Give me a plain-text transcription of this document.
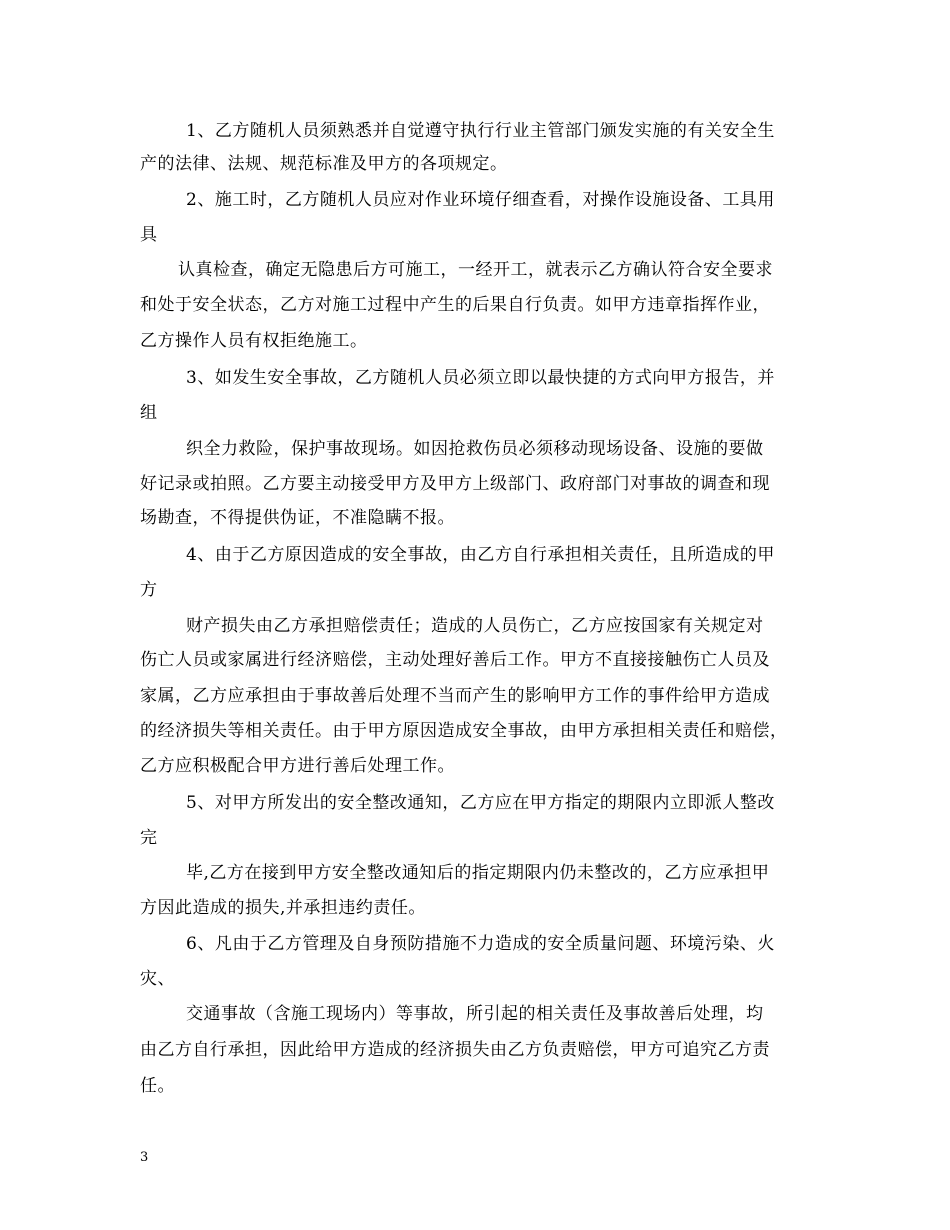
1、乙方随机人员须熟悉并自觉遵守执行行业主管部门颁发实施的有关安全生
产的法律、法规、规范标准及甲方的各项规定。
2、施工时，乙方随机人员应对作业环境仔细查看，对操作设施设备、工具用
具
认真检查，确定无隐患后方可施工，一经开工，就表示乙方确认符合安全要求
和处于安全状态，乙方对施工过程中产生的后果自行负责。如甲方违章指挥作业，
乙方操作人员有权拒绝施工。
3、如发生安全事故，乙方随机人员必须立即以最快捷的方式向甲方报告，并
组
织全力救险，保护事故现场。如因抢救伤员必须移动现场设备、设施的要做
好记录或拍照。乙方要主动接受甲方及甲方上级部门、政府部门对事故的调查和现
场勘查，不得提供伪证，不准隐瞒不报。
4、由于乙方原因造成的安全事故，由乙方自行承担相关责任，且所造成的甲
方
财产损失由乙方承担赔偿责任；造成的人员伤亡，乙方应按国家有关规定对
伤亡人员或家属进行经济赔偿，主动处理好善后工作。甲方不直接接触伤亡人员及
家属，乙方应承担由于事故善后处理不当而产生的影响甲方工作的事件给甲方造成
的经济损失等相关责任。由于甲方原因造成安全事故，由甲方承担相关责任和赔偿，
乙方应积极配合甲方进行善后处理工作。
5、对甲方所发出的安全整改通知，乙方应在甲方指定的期限内立即派人整改
完
毕,乙方在接到甲方安全整改通知后的指定期限内仍未整改的，乙方应承担甲
方因此造成的损失,并承担违约责任。
6、凡由于乙方管理及自身预防措施不力造成的安全质量问题、环境污染、火
灾、
交通事故（含施工现场内）等事故，所引起的相关责任及事故善后处理，均
由乙方自行承担，因此给甲方造成的经济损失由乙方负责赔偿，甲方可追究乙方责
任。
3
